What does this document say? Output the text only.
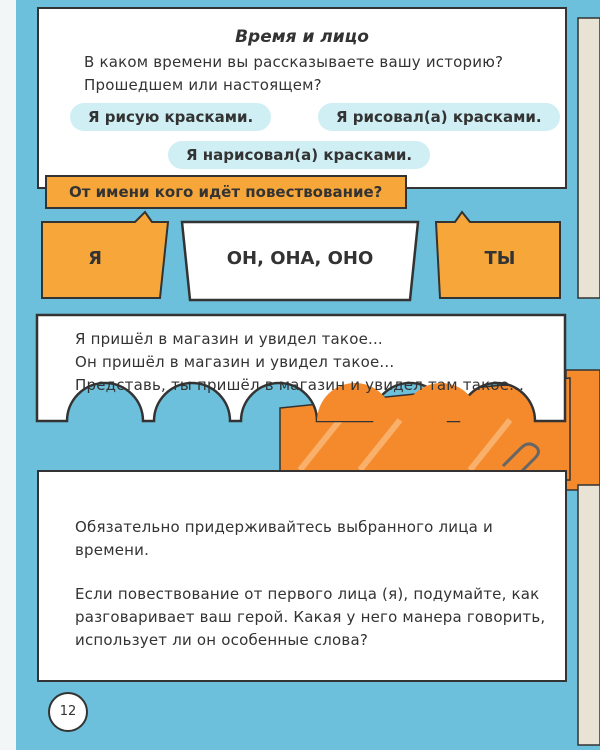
Время и лицо
В каком времени вы рассказываете вашу историю? Прошедшем или настоящем?
Я рисую красками.	Я рисовал(а) красками.
Я нарисовал(а) красками.
От имени кого идёт повествование?
Я	ОН, ОНА, ОНО	ТЫ
Я пришёл в магазин и увидел такое...
Он пришёл в магазин и увидел такое...
Представь, ты пришёл в магазин и увидел там такое...
Обязательно придерживайтесь выбранного лица и времени.
Если повествование от первого лица (я), подумайте, как разговаривает ваш герой. Какая у него манера говорить, использует ли он особенные слова?
12
